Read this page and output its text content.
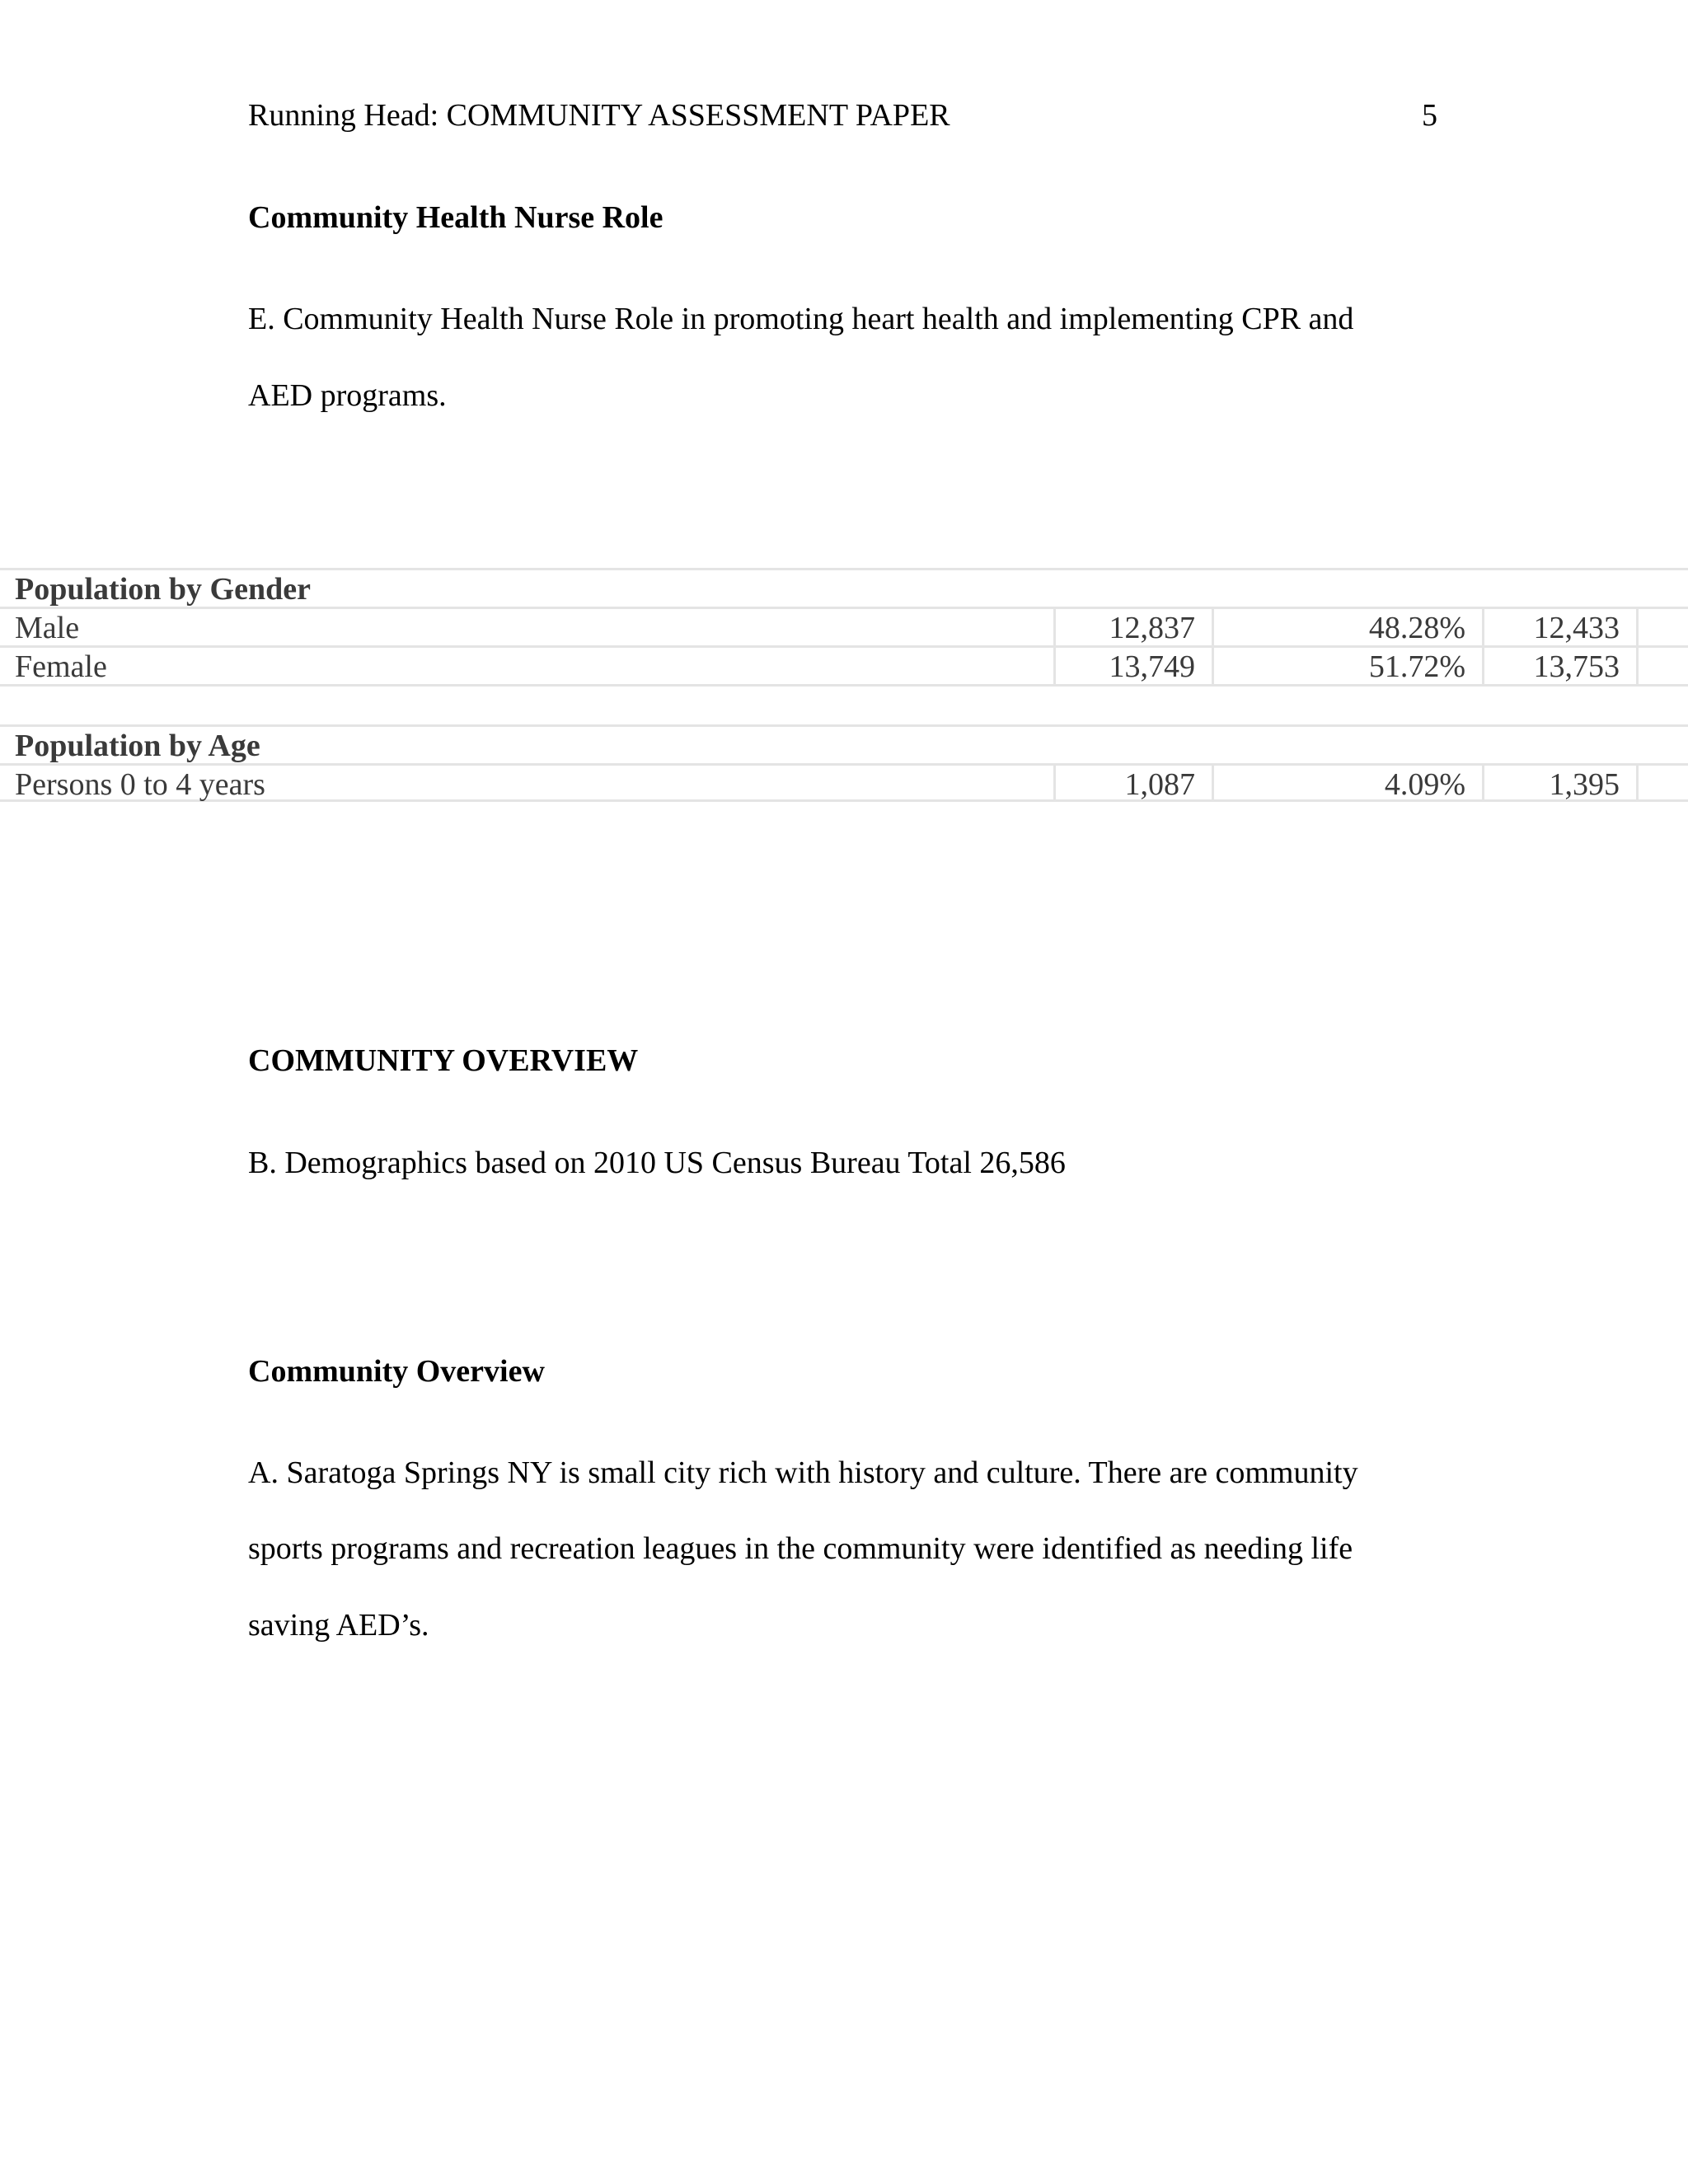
Running Head: COMMUNITY ASSESSMENT PAPER	5
Community Health Nurse Role
E. Community Health Nurse Role in promoting heart health and implementing CPR and
AED programs.
Population by Gender
Male	12,837	48.28%	12,433
Female	13,749	51.72%	13,753
Population by Age
Persons 0 to 4 years	1,087	4.09%	1,395
COMMUNITY OVERVIEW
B. Demographics based on 2010 US Census Bureau Total 26,586
Community Overview
A. Saratoga Springs NY is small city rich with history and culture. There are community
sports programs and recreation leagues in the community were identified as needing life
saving AED’s.
